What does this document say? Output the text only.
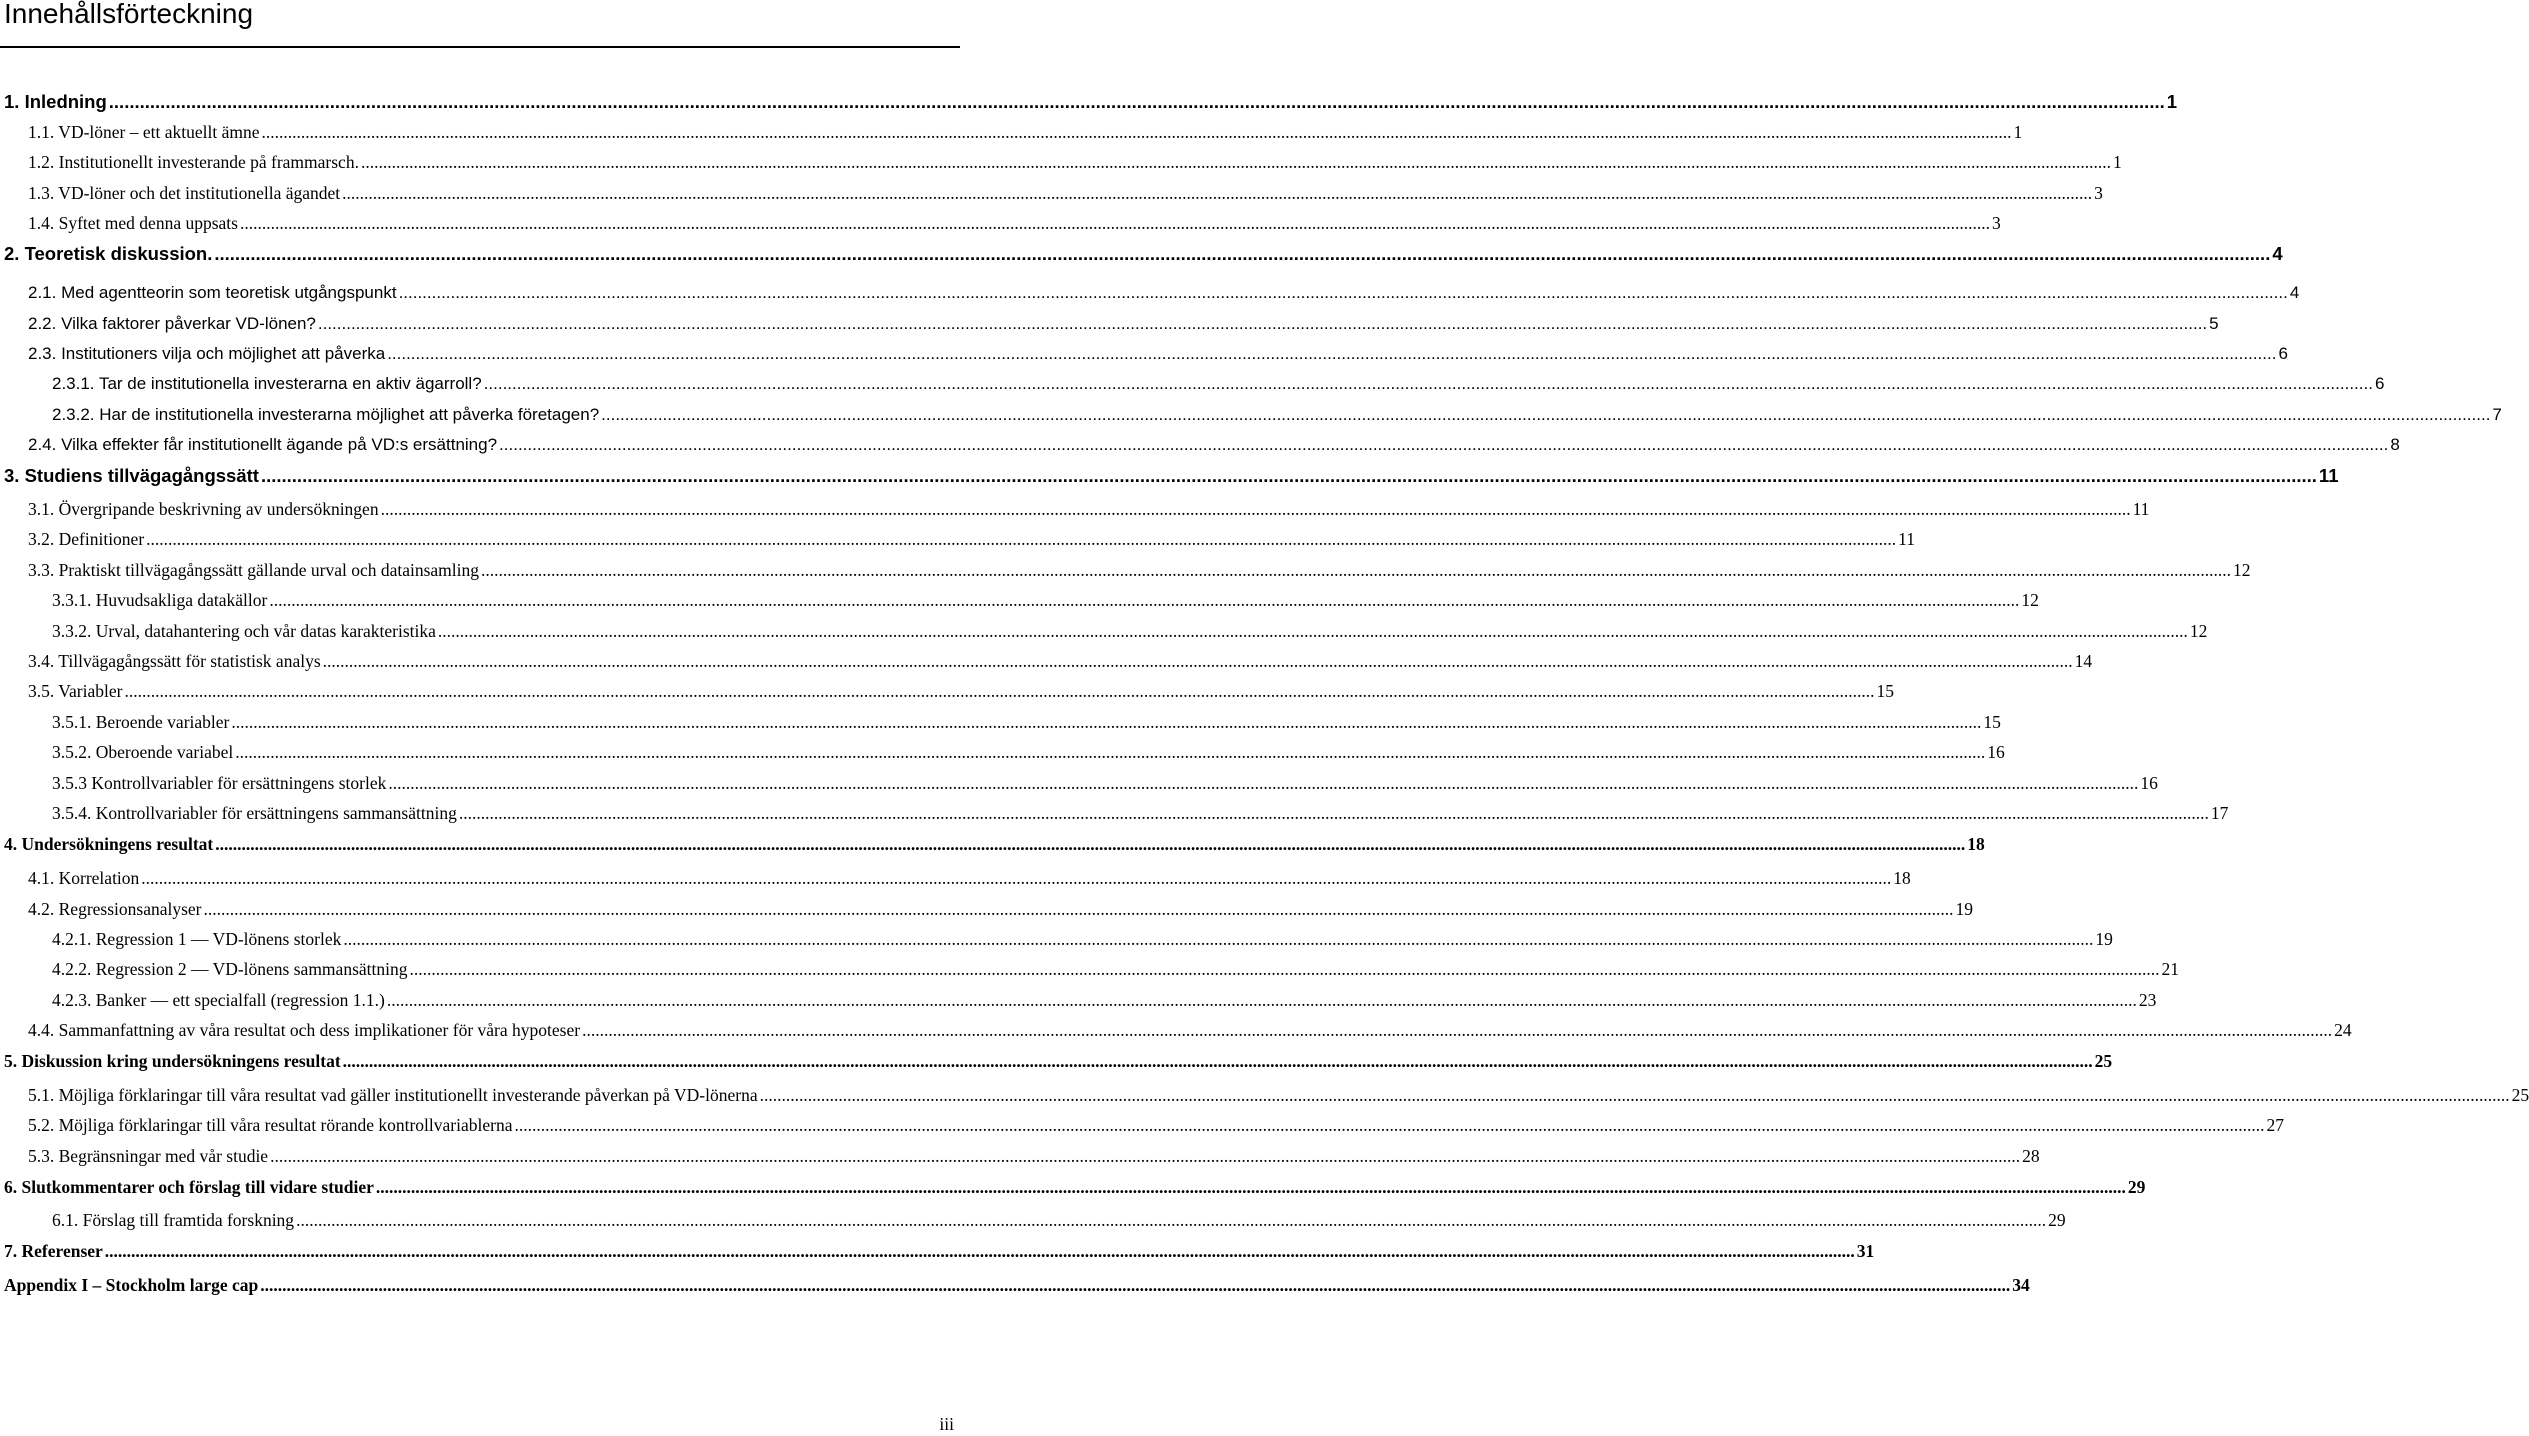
Innehållsförteckning
1. Inledning ................................................................................................................................................................................................................................................................................................................................................................................................................ 1
1.1. VD-löner – ett aktuellt ämne ................................................................................................................................................................................................................................................................................................................................................................................................................ 1
1.2. Institutionellt investerande på frammarsch. ................................................................................................................................................................................................................................................................................................................................................................................................................ 1
1.3. VD-löner och det institutionella ägandet ................................................................................................................................................................................................................................................................................................................................................................................................................ 3
1.4. Syftet med denna uppsats ................................................................................................................................................................................................................................................................................................................................................................................................................ 3
2. Teoretisk diskussion. ................................................................................................................................................................................................................................................................................................................................................................................................................ 4
2.1. Med agentteorin som teoretisk utgångspunkt ................................................................................................................................................................................................................................................................................................................................................................................................................ 4
2.2. Vilka faktorer påverkar VD-lönen? ................................................................................................................................................................................................................................................................................................................................................................................................................ 5
2.3. Institutioners vilja och möjlighet att påverka ................................................................................................................................................................................................................................................................................................................................................................................................................ 6
2.3.1. Tar de institutionella investerarna en aktiv ägarroll? ................................................................................................................................................................................................................................................................................................................................................................................................................ 6
2.3.2. Har de institutionella investerarna möjlighet att påverka företagen? ................................................................................................................................................................................................................................................................................................................................................................................................................ 7
2.4. Vilka effekter får institutionellt ägande på VD:s ersättning? ................................................................................................................................................................................................................................................................................................................................................................................................................ 8
3. Studiens tillvägagångssätt ................................................................................................................................................................................................................................................................................................................................................................................................................ 11
3.1. Övergripande beskrivning av undersökningen ................................................................................................................................................................................................................................................................................................................................................................................................................ 11
3.2. Definitioner ................................................................................................................................................................................................................................................................................................................................................................................................................ 11
3.3. Praktiskt tillvägagångssätt gällande urval och datainsamling ................................................................................................................................................................................................................................................................................................................................................................................................................ 12
3.3.1. Huvudsakliga datakällor ................................................................................................................................................................................................................................................................................................................................................................................................................ 12
3.3.2. Urval, datahantering och vår datas karakteristika ................................................................................................................................................................................................................................................................................................................................................................................................................ 12
3.4. Tillvägagångssätt för statistisk analys ................................................................................................................................................................................................................................................................................................................................................................................................................ 14
3.5. Variabler ................................................................................................................................................................................................................................................................................................................................................................................................................ 15
3.5.1. Beroende variabler ................................................................................................................................................................................................................................................................................................................................................................................................................ 15
3.5.2. Oberoende variabel ................................................................................................................................................................................................................................................................................................................................................................................................................ 16
3.5.3 Kontrollvariabler för ersättningens storlek ................................................................................................................................................................................................................................................................................................................................................................................................................ 16
3.5.4. Kontrollvariabler för ersättningens sammansättning ................................................................................................................................................................................................................................................................................................................................................................................................................ 17
4. Undersökningens resultat ................................................................................................................................................................................................................................................................................................................................................................................................................ 18
4.1. Korrelation ................................................................................................................................................................................................................................................................................................................................................................................................................ 18
4.2. Regressionsanalyser ................................................................................................................................................................................................................................................................................................................................................................................................................ 19
4.2.1. Regression 1 — VD-lönens storlek ................................................................................................................................................................................................................................................................................................................................................................................................................ 19
4.2.2. Regression 2 — VD-lönens sammansättning ................................................................................................................................................................................................................................................................................................................................................................................................................ 21
4.2.3. Banker — ett specialfall (regression 1.1.) ................................................................................................................................................................................................................................................................................................................................................................................................................ 23
4.4. Sammanfattning av våra resultat och dess implikationer för våra hypoteser ................................................................................................................................................................................................................................................................................................................................................................................................................ 24
5. Diskussion kring undersökningens resultat ................................................................................................................................................................................................................................................................................................................................................................................................................ 25
5.1. Möjliga förklaringar till våra resultat vad gäller institutionellt investerande påverkan på VD-lönerna ................................................................................................................................................................................................................................................................................................................................................................................................................ 25
5.2. Möjliga förklaringar till våra resultat rörande kontrollvariablerna ................................................................................................................................................................................................................................................................................................................................................................................................................ 27
5.3. Begränsningar med vår studie ................................................................................................................................................................................................................................................................................................................................................................................................................ 28
6. Slutkommentarer och förslag till vidare studier ................................................................................................................................................................................................................................................................................................................................................................................................................ 29
6.1. Förslag till framtida forskning ................................................................................................................................................................................................................................................................................................................................................................................................................ 29
7. Referenser ................................................................................................................................................................................................................................................................................................................................................................................................................ 31
Appendix I – Stockholm large cap ................................................................................................................................................................................................................................................................................................................................................................................................................ 34
iii
